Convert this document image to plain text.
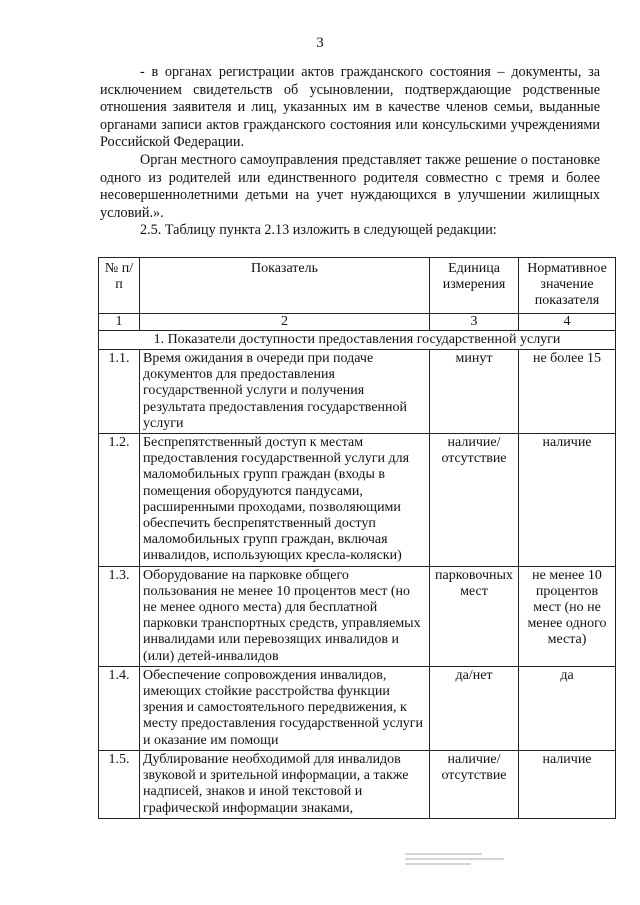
3

- в органах регистрации актов гражданского состояния – документы, за исключением свидетельств об усыновлении, подтверждающие родственные отношения заявителя и лиц, указанных им в качестве членов семьи, выданные органами записи актов гражданского состояния или консульскими учреждениями Российской Федерации.

Орган местного самоуправления представляет также решение о постановке одного из родителей или единственного родителя совместно с тремя и более несовершеннолетними детьми на учет нуждающихся в улучшении жилищных условий.».

2.5. Таблицу пункта 2.13 изложить в следующей редакции:

№ п/п	Показатель	Единица измерения	Нормативное значение показателя
1	2	3	4
1. Показатели доступности предоставления государственной услуги			
1.1.	Время ожидания в очереди при подаче документов для предоставления государственной услуги и получения результата предоставления государственной услуги	минут	не более 15
1.2.	Беспрепятственный доступ к местам предоставления государственной услуги для маломобильных групп граждан (входы в помещения оборудуются пандусами, расширенными проходами, позволяющими обеспечить беспрепятственный доступ маломобильных групп граждан, включая инвалидов, использующих кресла-коляски)	наличие/ отсутствие	наличие
1.3.	Оборудование на парковке общего пользования не менее 10 процентов мест (но не менее одного места) для бесплатной парковки транспортных средств, управляемых инвалидами или перевозящих инвалидов и (или) детей-инвалидов	парковочных мест	не менее 10 процентов мест (но не менее одного места)
1.4.	Обеспечение сопровождения инвалидов, имеющих стойкие расстройства функции зрения и самостоятельного передвижения, к месту предоставления государственной услуги и оказание им помощи	да/нет	да
1.5.	Дублирование необходимой для инвалидов звуковой и зрительной информации, а также надписей, знаков и иной текстовой и графической информации знаками,	наличие/ отсутствие	наличие
